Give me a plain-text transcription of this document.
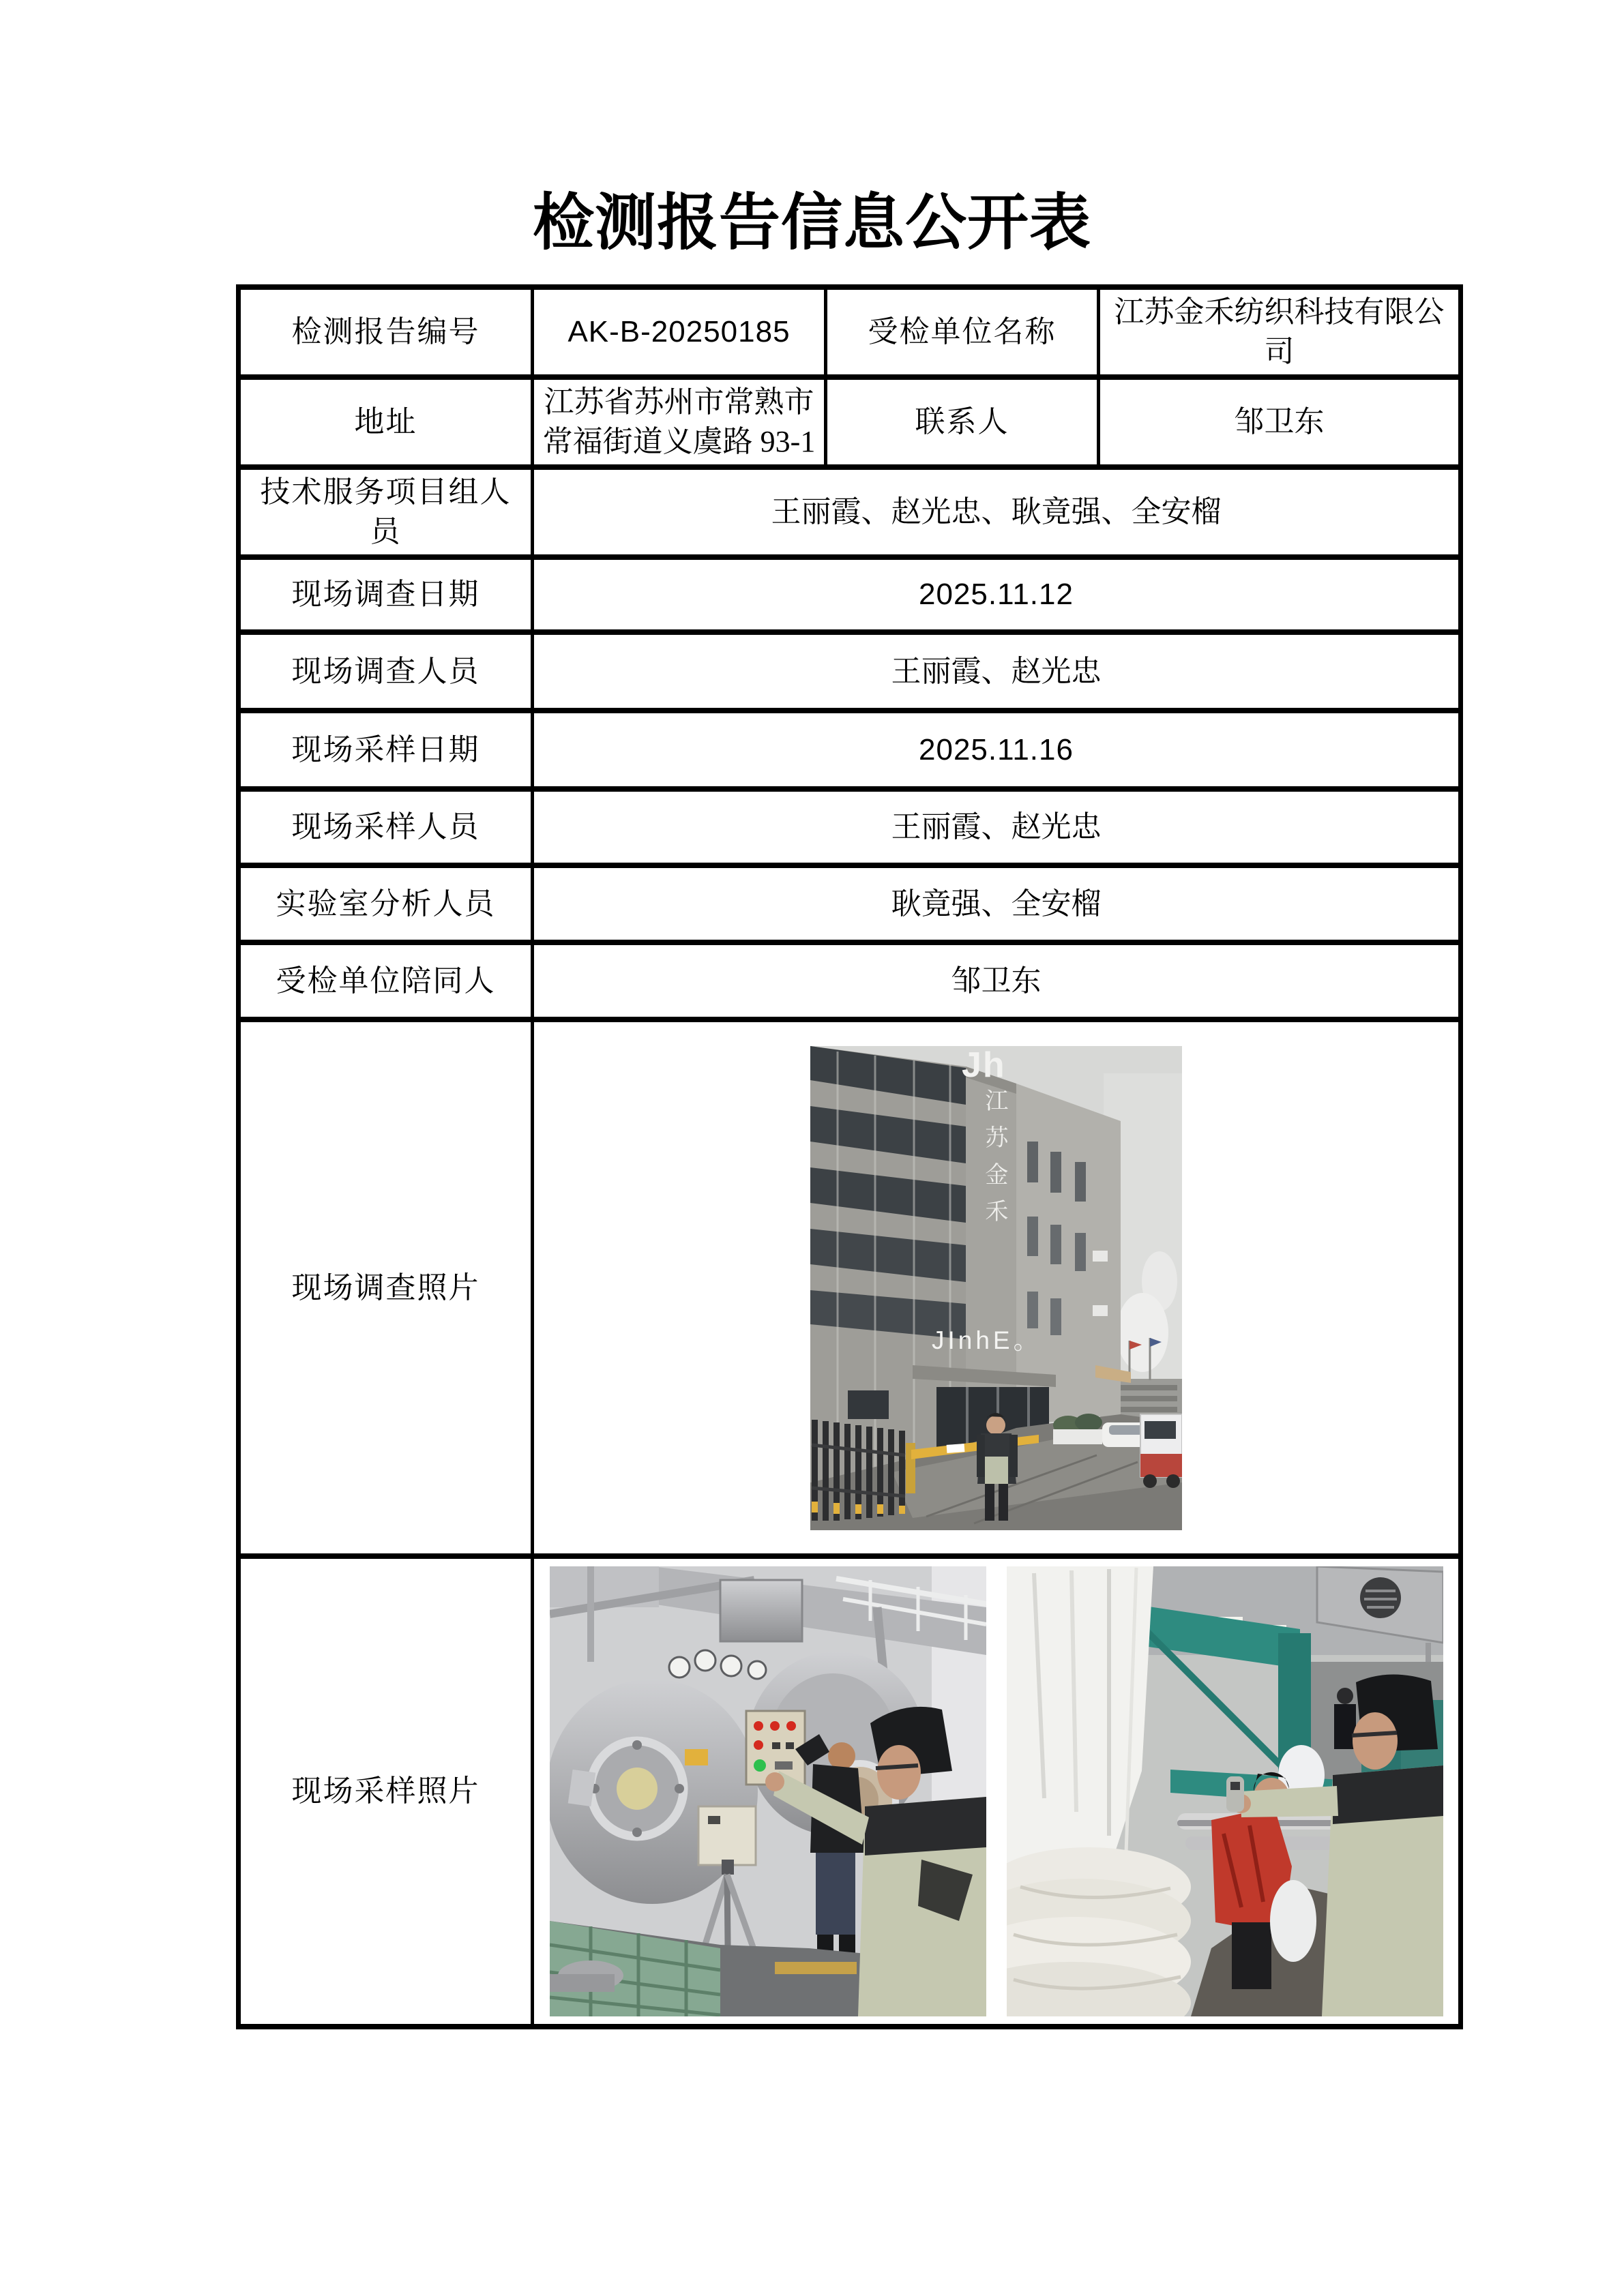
检测报告信息公开表
检测报告编号	AK-B-20250185	受检单位名称	江苏金禾纺织科技有限公司
地址	江苏省苏州市常熟市常福街道义虞路 93-1	联系人	邹卫东
技术服务项目组人员	王丽霞、赵光忠、耿竟强、全安榴		
现场调查日期	2025.11.12		
现场调查人员	王丽霞、赵光忠		
现场采样日期	2025.11.16		
现场采样人员	王丽霞、赵光忠		
实验室分析人员	耿竟强、全安榴		
受检单位陪同人	邹卫东		
现场调查照片	Jh

江苏金禾

JInhE。		

现场采样照片	
